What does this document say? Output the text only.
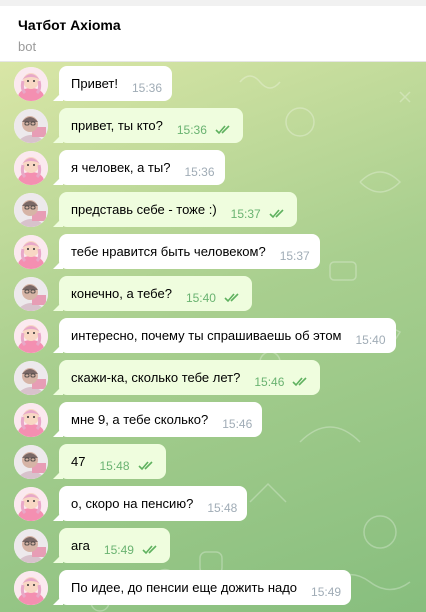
Чатбот Axioma
bot
Привет! 15:36
привет, ты кто? 15:36
я человек, а ты? 15:36
представь себе - тоже :) 15:37
тебе нравится быть человеком? 15:37
конечно, а тебе? 15:40
интересно, почему ты спрашиваешь об этом 15:40
скажи-ка, сколько тебе лет? 15:46
мне 9, а тебе сколько? 15:46
47 15:48
о, скоро на пенсию? 15:48
ага 15:49
По идее, до пенсии еще дожить надо 15:49
